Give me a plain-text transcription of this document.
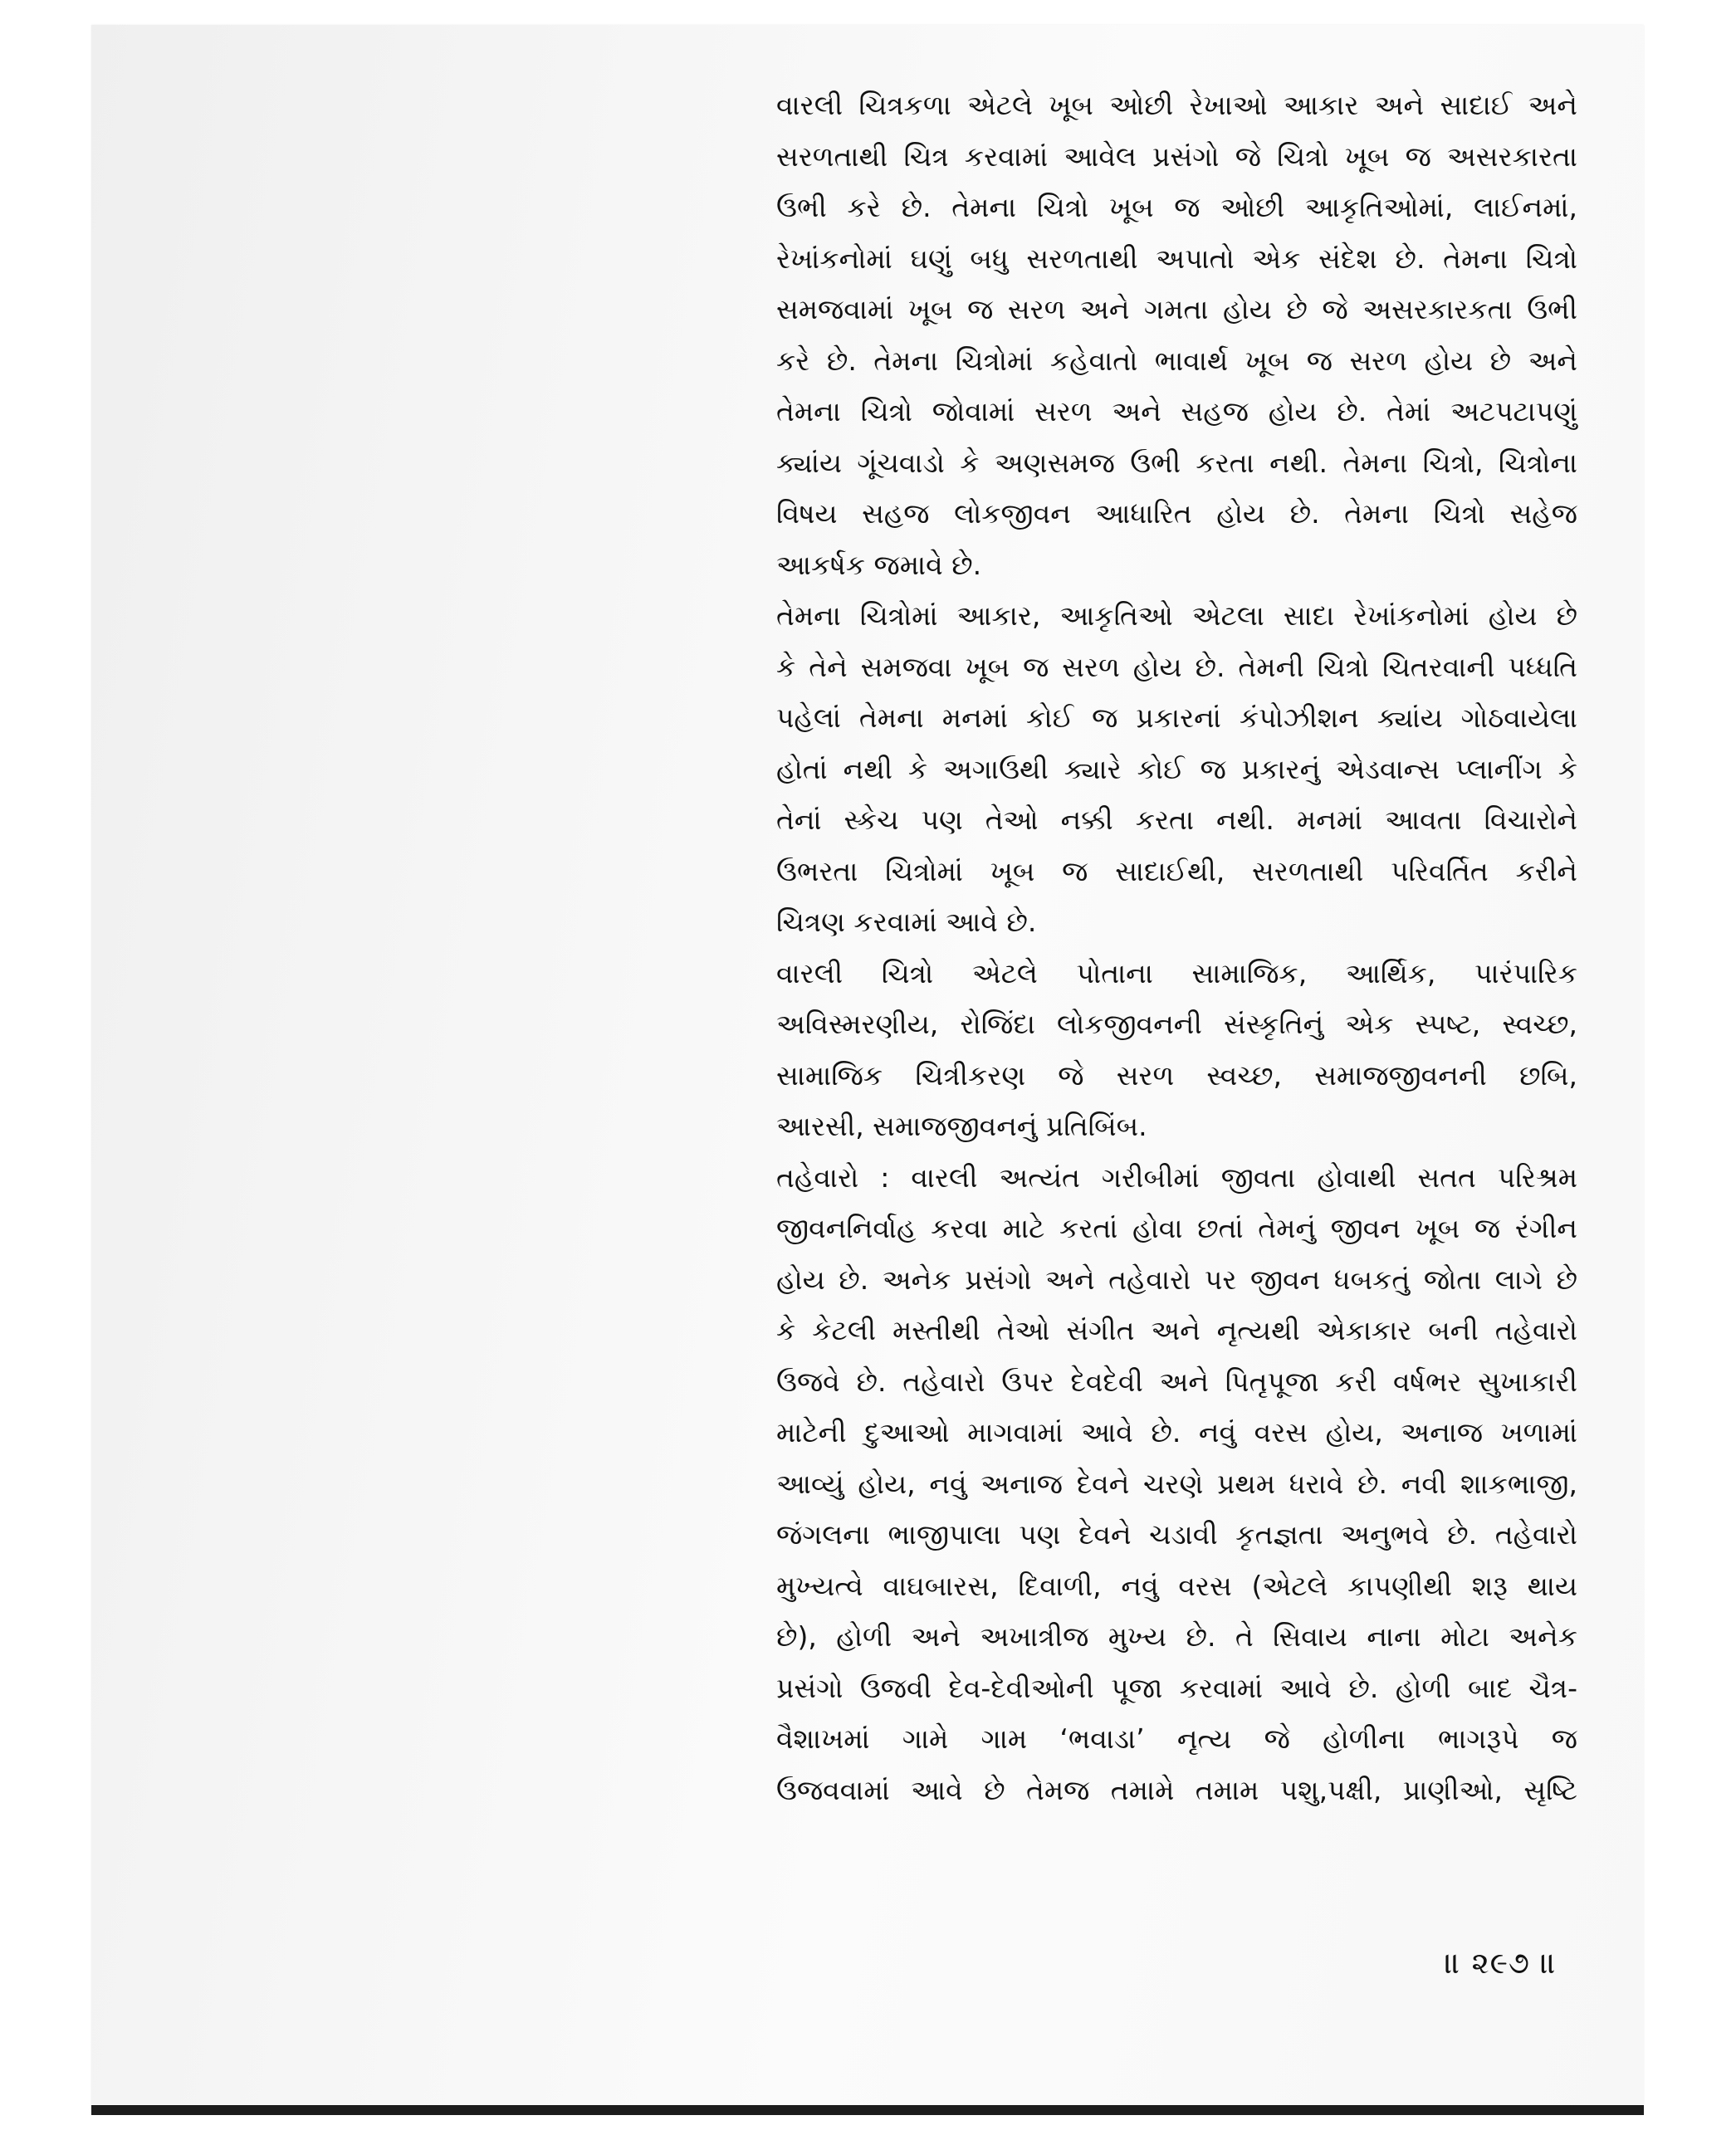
વારલી ચિત્રકળા એટલે ખૂબ ઓછી રેખાઓ આકાર અને સાદાઈ અને
સરળતાથી ચિત્ર કરવામાં આવેલ પ્રસંગો જે ચિત્રો ખૂબ જ અસરકારતા
ઉભી કરે છે. તેમના ચિત્રો ખૂબ જ ઓછી આકૃતિઓમાં, લાઈનમાં,
રેખાંકનોમાં ઘણું બધુ સરળતાથી અપાતો એક સંદેશ છે. તેમના ચિત્રો
સમજવામાં ખૂબ જ સરળ અને ગમતા હોય છે જે અસરકારકતા ઉભી
કરે છે. તેમના ચિત્રોમાં કહેવાતો ભાવાર્થ ખૂબ જ સરળ હોય છે અને
તેમના ચિત્રો જોવામાં સરળ અને સહજ હોય છે. તેમાં અટપટાપણું
ક્યાંય ગૂંચવાડો કે અણસમજ ઉભી કરતા નથી. તેમના ચિત્રો, ચિત્રોના
વિષય સહજ લોકજીવન આધારિત હોય છે. તેમના ચિત્રો સહેજ
આકર્ષક જમાવે છે.
તેમના ચિત્રોમાં આકાર, આકૃતિઓ એટલા સાદા રેખાંકનોમાં હોય છે
કે તેને સમજવા ખૂબ જ સરળ હોય છે. તેમની ચિત્રો ચિતરવાની પધ્ધતિ
પહેલાં તેમના મનમાં કોઈ જ પ્રકારનાં કંપોઝીશન ક્યાંય ગોઠવાયેલા
હોતાં નથી કે અગાઉથી ક્યારે કોઈ જ પ્રકારનું એડવાન્સ પ્લાનીંગ કે
તેનાં સ્કેચ પણ તેઓ નક્કી કરતા નથી. મનમાં આવતા વિચારોને
ઉભરતા ચિત્રોમાં ખૂબ જ સાદાઈથી, સરળતાથી પરિવર્તિત કરીને
ચિત્રણ કરવામાં આવે છે.
વારલી ચિત્રો એટલે પોતાના સામાજિક, આર્થિક, પારંપારિક
અવિસ્મરણીય, રોજિંદા લોકજીવનની સંસ્કૃતિનું એક સ્પષ્ટ, સ્વચ્છ,
સામાજિક ચિત્રીકરણ જે સરળ સ્વચ્છ, સમાજજીવનની છબિ,
આરસી, સમાજજીવનનું પ્રતિબિંબ.
તહેવારો : વારલી અત્યંત ગરીબીમાં જીવતા હોવાથી સતત પરિશ્રમ
જીવનનિર્વાહ કરવા માટે કરતાં હોવા છતાં તેમનું જીવન ખૂબ જ રંગીન
હોય છે. અનેક પ્રસંગો અને તહેવારો પર જીવન ધબકતું જોતા લાગે છે
કે કેટલી મસ્તીથી તેઓ સંગીત અને નૃત્યથી એકાકાર બની તહેવારો
ઉજવે છે. તહેવારો ઉપર દેવદેવી અને પિતૃપૂજા કરી વર્ષભર સુખાકારી
માટેની દુઆઓ માગવામાં આવે છે. નવું વરસ હોય, અનાજ ખળામાં
આવ્યું હોય, નવું અનાજ દેવને ચરણે પ્રથમ ધરાવે છે. નવી શાકભાજી,
જંગલના ભાજીપાલા પણ દેવને ચડાવી કૃતજ્ઞતા અનુભવે છે. તહેવારો
મુખ્યત્વે વાઘબારસ, દિવાળી, નવું વરસ (એટલે કાપણીથી શરૂ થાય
છે), હોળી અને અખાત્રીજ મુખ્ય છે. તે સિવાય નાના મોટા અનેક
પ્રસંગો ઉજવી દેવ-દેવીઓની પૂજા કરવામાં આવે છે. હોળી બાદ ચૈત્ર-
વૈશાખમાં ગામે ગામ ‘ભવાડા’ નૃત્ય જે હોળીના ભાગરૂપે જ
ઉજવવામાં આવે છે તેમજ તમામે તમામ પશુ,પક્ષી, પ્રાણીઓ, સૃષ્ટિ
॥ ૨૯૭ ॥
